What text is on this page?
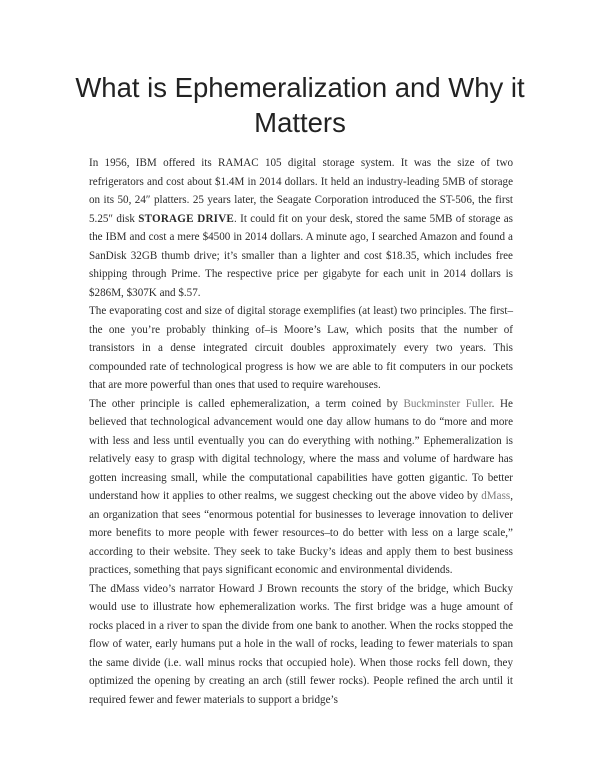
What is Ephemeralization and Why it Matters

In 1956, IBM offered its RAMAC 105 digital storage system. It was the size of two refrigerators and cost about $1.4M in 2014 dollars. It held an industry-leading 5MB of storage on its 50, 24″ platters. 25 years later, the Seagate Corporation introduced the ST-506, the first 5.25″ disk STORAGE DRIVE. It could fit on your desk, stored the same 5MB of storage as the IBM and cost a mere $4500 in 2014 dollars. A minute ago, I searched Amazon and found a SanDisk 32GB thumb drive; it’s smaller than a lighter and cost $18.35, which includes free shipping through Prime. The respective price per gigabyte for each unit in 2014 dollars is $286M, $307K and $.57.

The evaporating cost and size of digital storage exemplifies (at least) two principles. The first–the one you’re probably thinking of–is Moore’s Law, which posits that the number of transistors in a dense integrated circuit doubles approximately every two years. This compounded rate of technological progress is how we are able to fit computers in our pockets that are more powerful than ones that used to require warehouses.

The other principle is called ephemeralization, a term coined by Buckminster Fuller. He believed that technological advancement would one day allow humans to do “more and more with less and less until eventually you can do everything with nothing.” Ephemeralization is relatively easy to grasp with digital technology, where the mass and volume of hardware has gotten increasing small, while the computational capabilities have gotten gigantic. To better understand how it applies to other realms, we suggest checking out the above video by dMass, an organization that sees “enormous potential for businesses to leverage innovation to deliver more benefits to more people with fewer resources–to do better with less on a large scale,” according to their website. They seek to take Bucky’s ideas and apply them to best business practices, something that pays significant economic and environmental dividends.

The dMass video’s narrator Howard J Brown recounts the story of the bridge, which Bucky would use to illustrate how ephemeralization works. The first bridge was a huge amount of rocks placed in a river to span the divide from one bank to another. When the rocks stopped the flow of water, early humans put a hole in the wall of rocks, leading to fewer materials to span the same divide (i.e. wall minus rocks that occupied hole). When those rocks fell down, they optimized the opening by creating an arch (still fewer rocks). People refined the arch until it required fewer and fewer materials to support a bridge’s
